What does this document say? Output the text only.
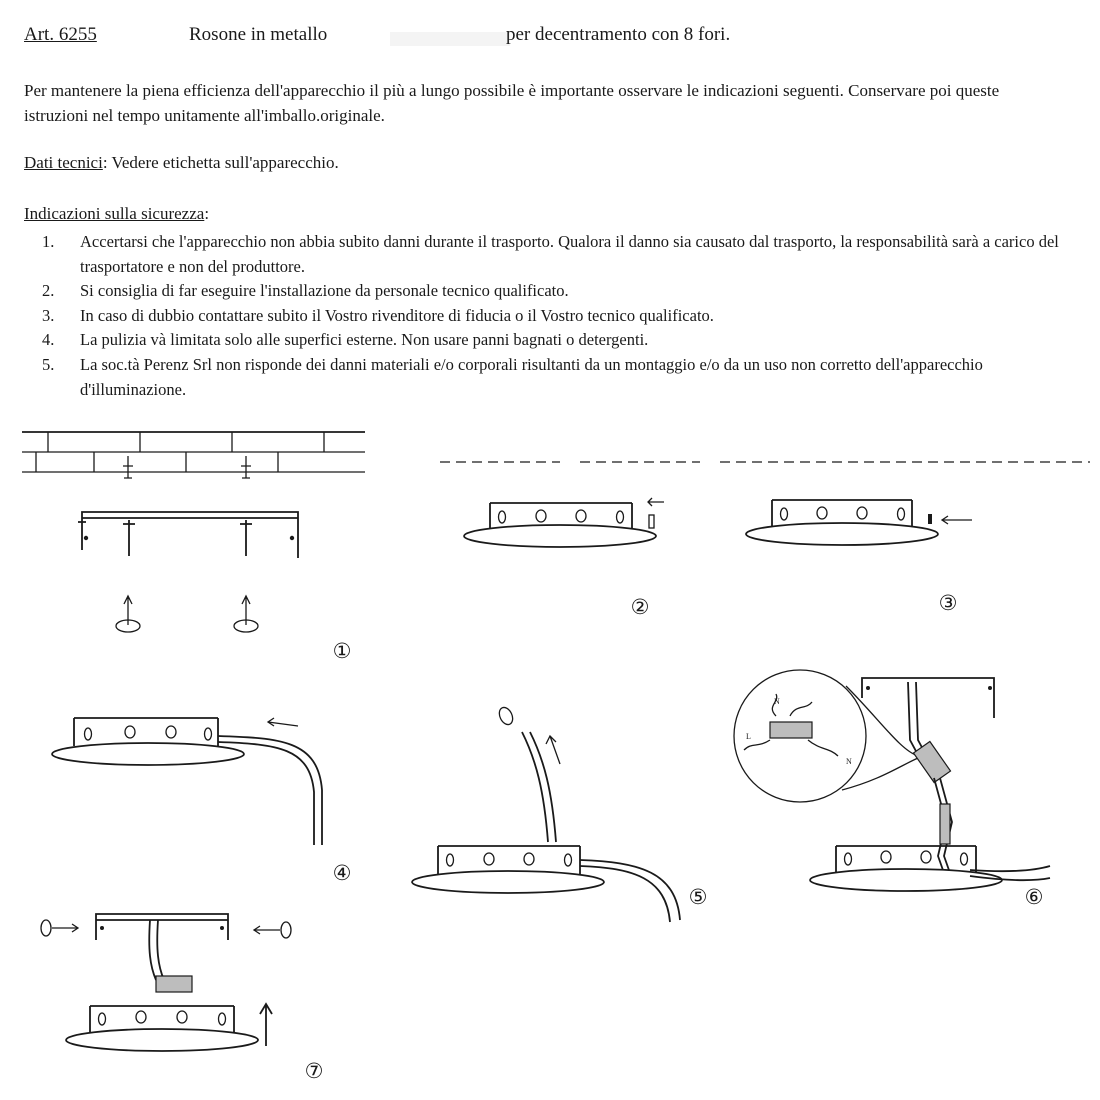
Art. 6255	Rosone in metallo	per decentramento con 8 fori.

Per mantenere la piena efficienza dell'apparecchio il più a lungo possibile è importante osservare le indicazioni seguenti. Conservare poi queste istruzioni nel tempo unitamente all'imballo.originale.

Dati tecnici: Vedere etichetta sull'apparecchio.

Indicazioni sulla sicurezza:

1. Accertarsi che l'apparecchio non abbia subito danni durante il trasporto. Qualora il danno sia causato dal trasporto, la responsabilità sarà a carico del trasportatore e non del produttore.
2. Si consiglia di far eseguire l'installazione da personale tecnico qualificato.
3. In caso di dubbio contattare subito il Vostro rivenditore di fiducia o il Vostro tecnico qualificato.
4. La pulizia và limitata solo alle superfici esterne. Non usare panni bagnati o detergenti.
5. La soc.tà Perenz Srl non risponde dei danni materiali e/o corporali risultanti da un montaggio e/o da un uso non corretto dell'apparecchio d'illuminazione.
N
L
N
①
②	③
④
⑤	⑥
⑦
